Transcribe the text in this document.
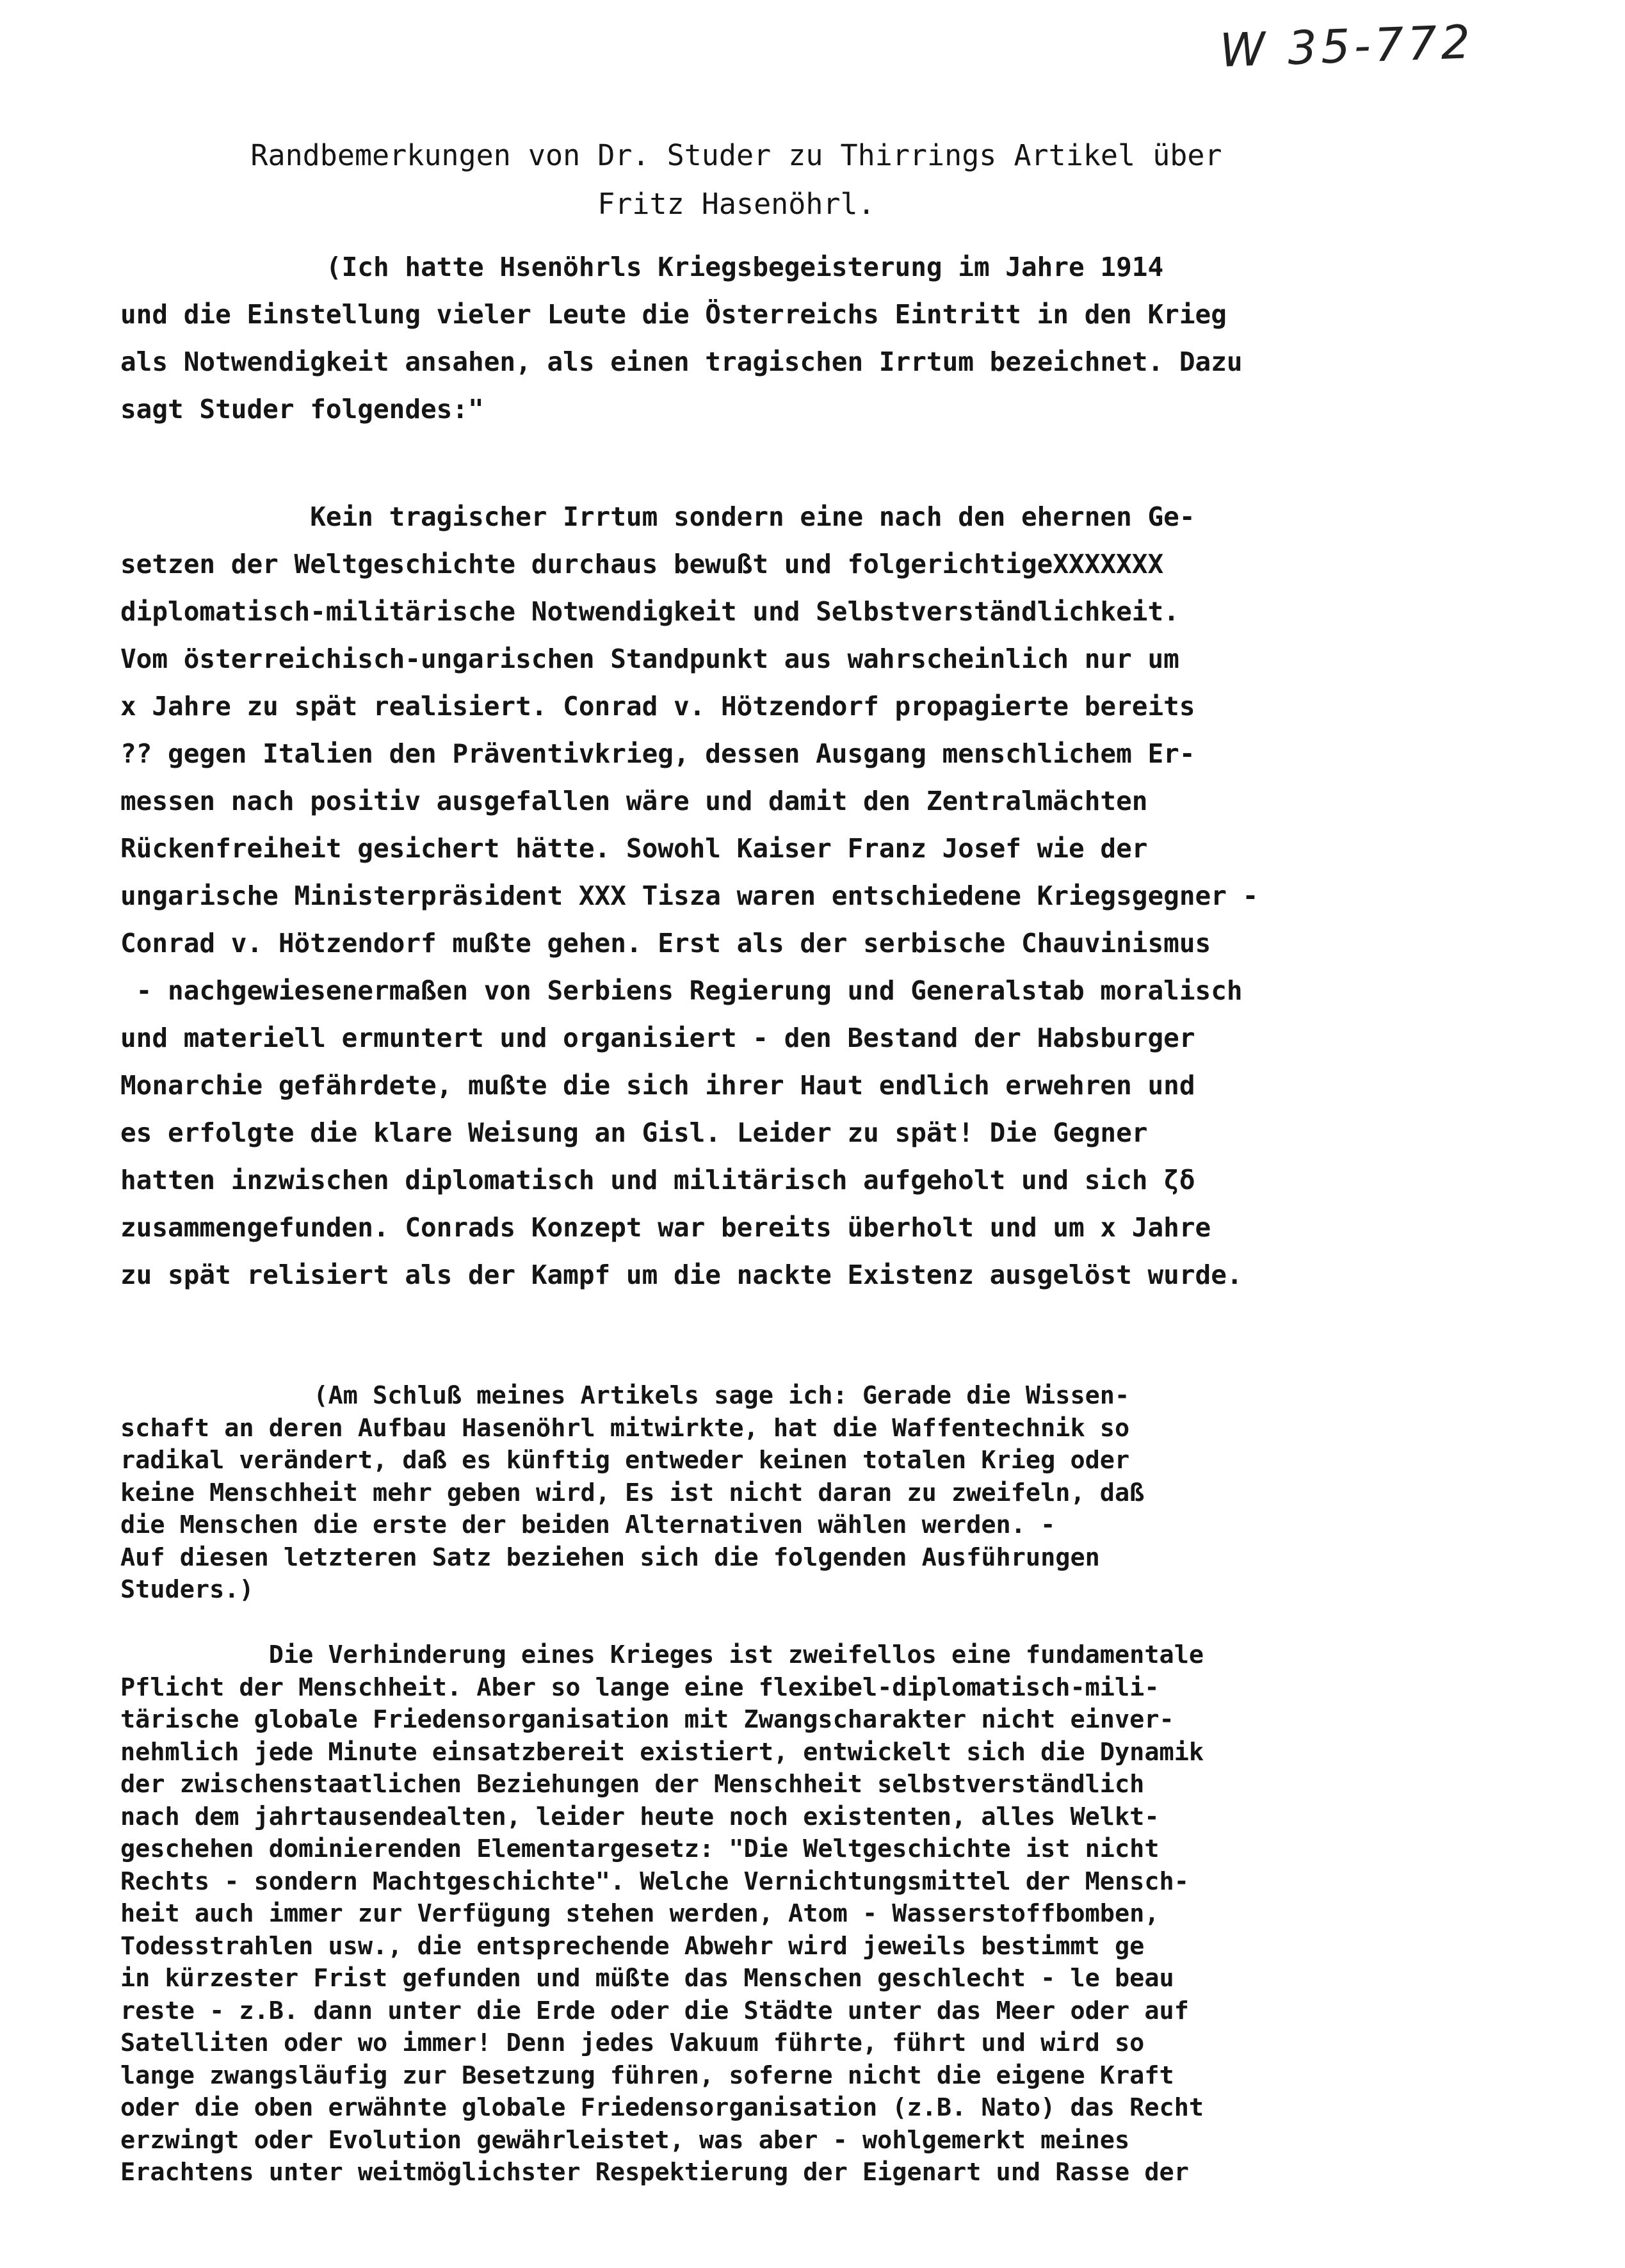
W 35-772
Randbemerkungen von Dr. Studer zu Thirrings Artikel über
Fritz Hasenöhrl.
(Ich hatte Hsenöhrls Kriegsbegeisterung im Jahre 1914
und die Einstellung vieler Leute die Österreichs Eintritt in den Krieg
als Notwendigkeit ansahen, als einen tragischen Irrtum bezeichnet. Dazu
sagt Studer folgendes:"
Kein tragischer Irrtum sondern eine nach den ehernen Ge-
setzen der Weltgeschichte durchaus bewußt und folgerichtigeXXXXXXX
diplomatisch-militärische Notwendigkeit und Selbstverständlichkeit.
Vom österreichisch-ungarischen Standpunkt aus wahrscheinlich nur um
x Jahre zu spät realisiert. Conrad v. Hötzendorf propagierte bereits
?? gegen Italien den Präventivkrieg, dessen Ausgang menschlichem Er-
messen nach positiv ausgefallen wäre und damit den Zentralmächten
Rückenfreiheit gesichert hätte. Sowohl Kaiser Franz Josef wie der
ungarische Ministerpräsident XXX Tisza waren entschiedene Kriegsgegner -
Conrad v. Hötzendorf mußte gehen. Erst als der serbische Chauvinismus
- nachgewiesenermaßen von Serbiens Regierung und Generalstab moralisch
und materiell ermuntert und organisiert - den Bestand der Habsburger
Monarchie gefährdete, mußte die sich ihrer Haut endlich erwehren und
es erfolgte die klare Weisung an Gisl. Leider zu spät! Die Gegner
hatten inzwischen diplomatisch und militärisch aufgeholt und sich ζδ
zusammengefunden. Conrads Konzept war bereits überholt und um x Jahre
zu spät relisiert als der Kampf um die nackte Existenz ausgelöst wurde.
(Am Schluß meines Artikels sage ich: Gerade die Wissen-
schaft an deren Aufbau Hasenöhrl mitwirkte, hat die Waffentechnik so
radikal verändert, daß es künftig entweder keinen totalen Krieg oder
keine Menschheit mehr geben wird, Es ist nicht daran zu zweifeln, daß
die Menschen die erste der beiden Alternativen wählen werden. -
Auf diesen letzteren Satz beziehen sich die folgenden Ausführungen
Studers.)
Die Verhinderung eines Krieges ist zweifellos eine fundamentale
Pflicht der Menschheit. Aber so lange eine flexibel-diplomatisch-mili-
tärische globale Friedensorganisation mit Zwangscharakter nicht einver-
nehmlich jede Minute einsatzbereit existiert, entwickelt sich die Dynamik
der zwischenstaatlichen Beziehungen der Menschheit selbstverständlich
nach dem jahrtausendealten, leider heute noch existenten, alles Welkt-
geschehen dominierenden Elementargesetz: "Die Weltgeschichte ist nicht
Rechts - sondern Machtgeschichte". Welche Vernichtungsmittel der Mensch-
heit auch immer zur Verfügung stehen werden, Atom - Wasserstoffbomben,
Todesstrahlen usw., die entsprechende Abwehr wird jeweils bestimmt ge
in kürzester Frist gefunden und müßte das Menschen geschlecht - le beau
reste - z.B. dann unter die Erde oder die Städte unter das Meer oder auf
Satelliten oder wo immer! Denn jedes Vakuum führte, führt und wird so
lange zwangsläufig zur Besetzung führen, soferne nicht die eigene Kraft
oder die oben erwähnte globale Friedensorganisation (z.B. Nato) das Recht
erzwingt oder Evolution gewährleistet, was aber - wohlgemerkt meines
Erachtens unter weitmöglichster Respektierung der Eigenart und Rasse der
